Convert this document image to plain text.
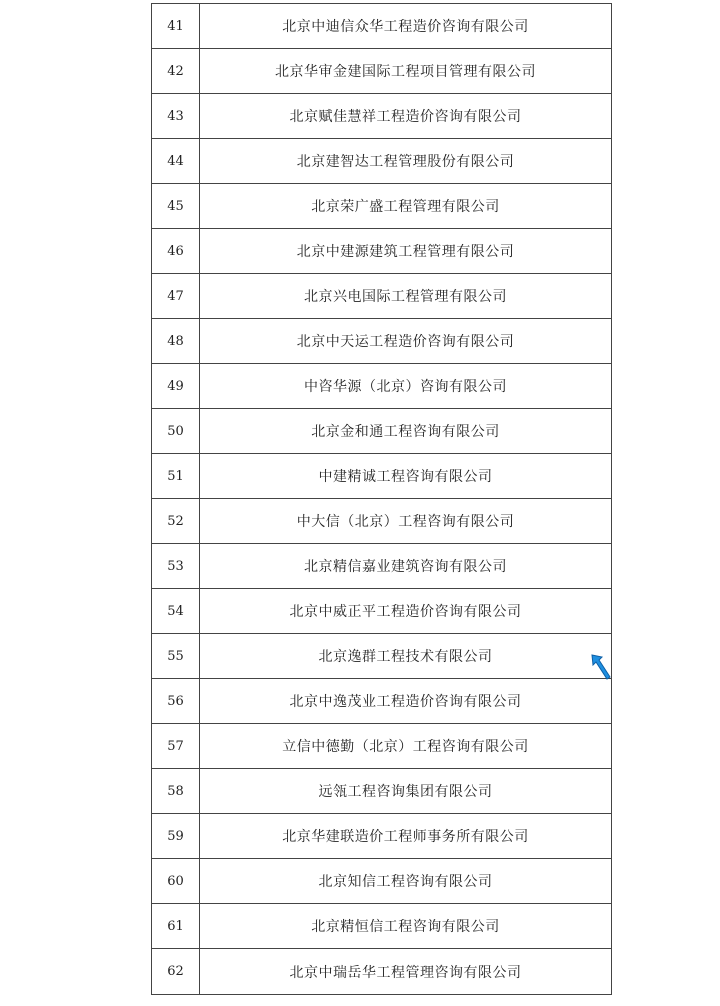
41	北京中迪信众华工程造价咨询有限公司
42	北京华审金建国际工程项目管理有限公司
43	北京赋佳慧祥工程造价咨询有限公司
44	北京建智达工程管理股份有限公司
45	北京荣广盛工程管理有限公司
46	北京中建源建筑工程管理有限公司
47	北京兴电国际工程管理有限公司
48	北京中天运工程造价咨询有限公司
49	中咨华源（北京）咨询有限公司
50	北京金和通工程咨询有限公司
51	中建精诚工程咨询有限公司
52	中大信（北京）工程咨询有限公司
53	北京精信嘉业建筑咨询有限公司
54	北京中威正平工程造价咨询有限公司
55	北京逸群工程技术有限公司
56	北京中逸茂业工程造价咨询有限公司
57	立信中德勤（北京）工程咨询有限公司
58	远瓴工程咨询集团有限公司
59	北京华建联造价工程师事务所有限公司
60	北京知信工程咨询有限公司
61	北京精恒信工程咨询有限公司
62	北京中瑞岳华工程管理咨询有限公司
